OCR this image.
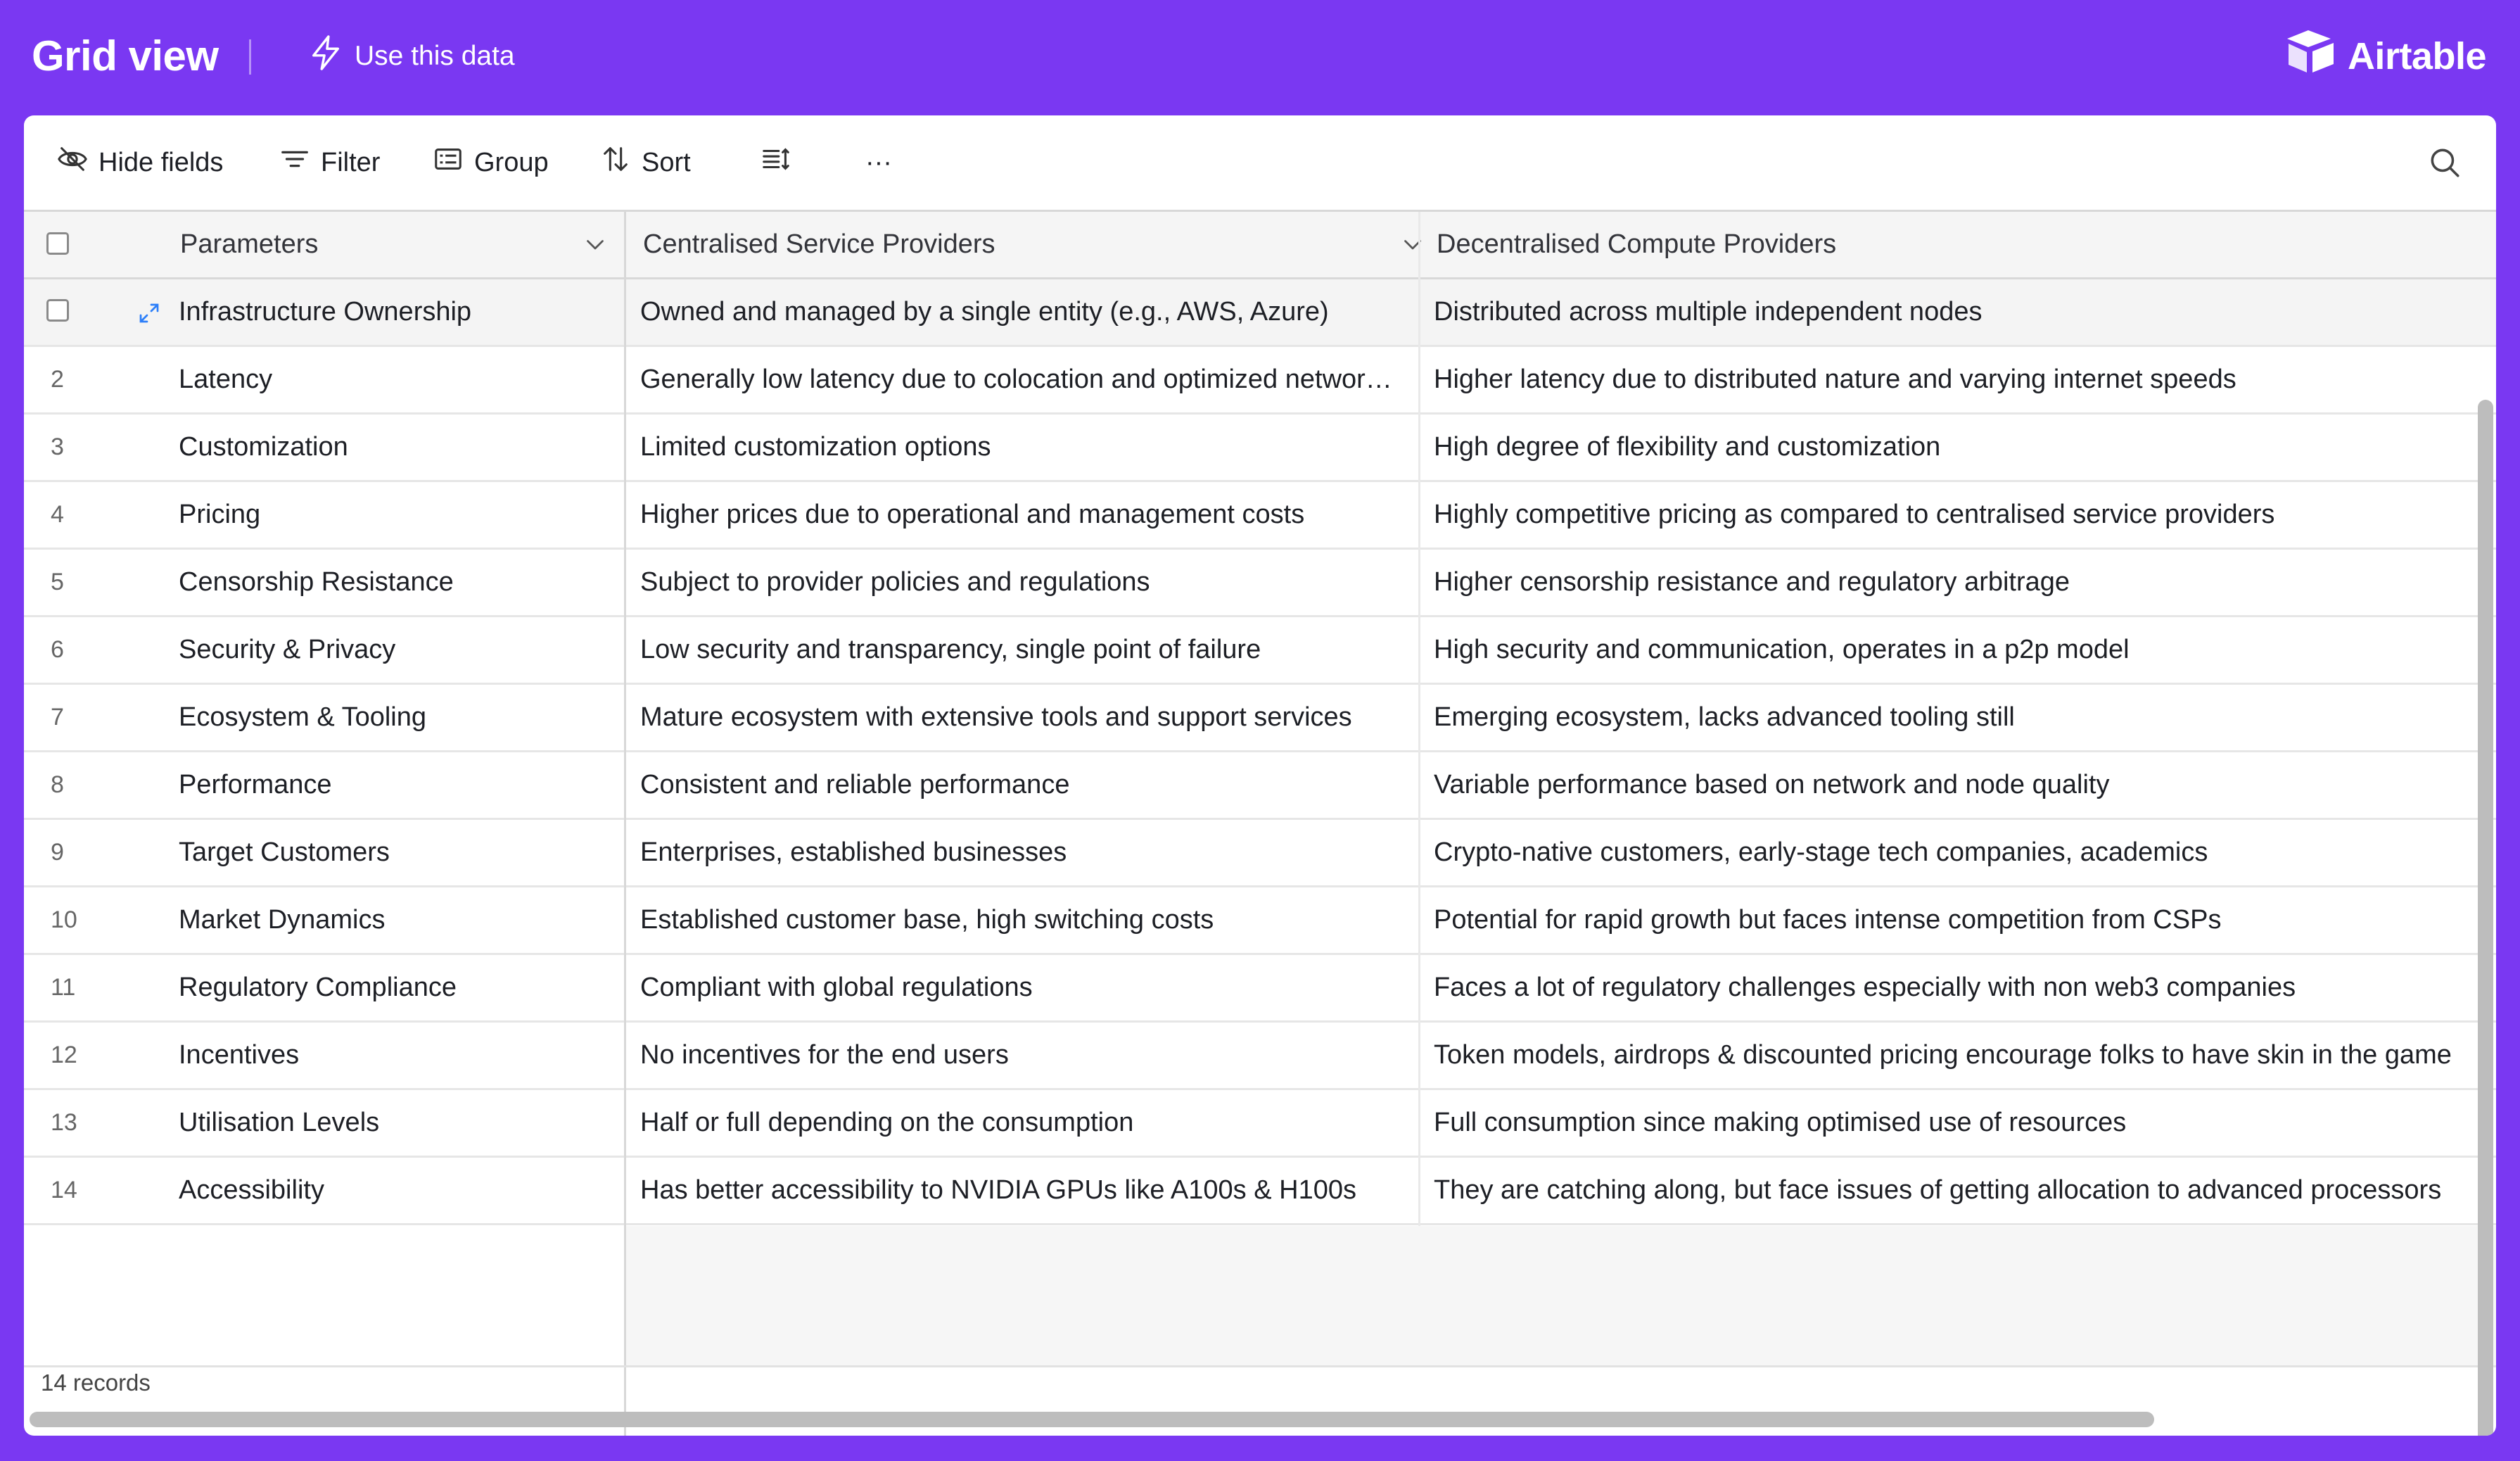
Grid view	Use this data	Airtable
Hide fields	Filter	Group	Sort	···
Parameters	Centralised Service Providers	Decentralised Compute Providers
Infrastructure Ownership	Owned and managed by a single entity (e.g., AWS, Azure)	Distributed across multiple independent nodes
2	Latency	Generally low latency due to colocation and optimized networ…	Higher latency due to distributed nature and varying internet speeds
3	Customization	Limited customization options	High degree of flexibility and customization
4	Pricing	Higher prices due to operational and management costs	Highly competitive pricing as compared to centralised service providers
5	Censorship Resistance	Subject to provider policies and regulations	Higher censorship resistance and regulatory arbitrage
6	Security & Privacy	Low security and transparency, single point of failure	High security and communication, operates in a p2p model
7	Ecosystem & Tooling	Mature ecosystem with extensive tools and support services	Emerging ecosystem, lacks advanced tooling still
8	Performance	Consistent and reliable performance	Variable performance based on network and node quality
9	Target Customers	Enterprises, established businesses	Crypto-native customers, early-stage tech companies, academics
10	Market Dynamics	Established customer base, high switching costs	Potential for rapid growth but faces intense competition from CSPs
11	Regulatory Compliance	Compliant with global regulations	Faces a lot of regulatory challenges especially with non web3 companies
12	Incentives	No incentives for the end users	Token models, airdrops & discounted pricing encourage folks to have skin in the game
13	Utilisation Levels	Half or full depending on the consumption	Full consumption since making optimised use of resources
14	Accessibility	Has better accessibility to NVIDIA GPUs like A100s & H100s	They are catching along, but face issues of getting allocation to advanced processors
14 records
